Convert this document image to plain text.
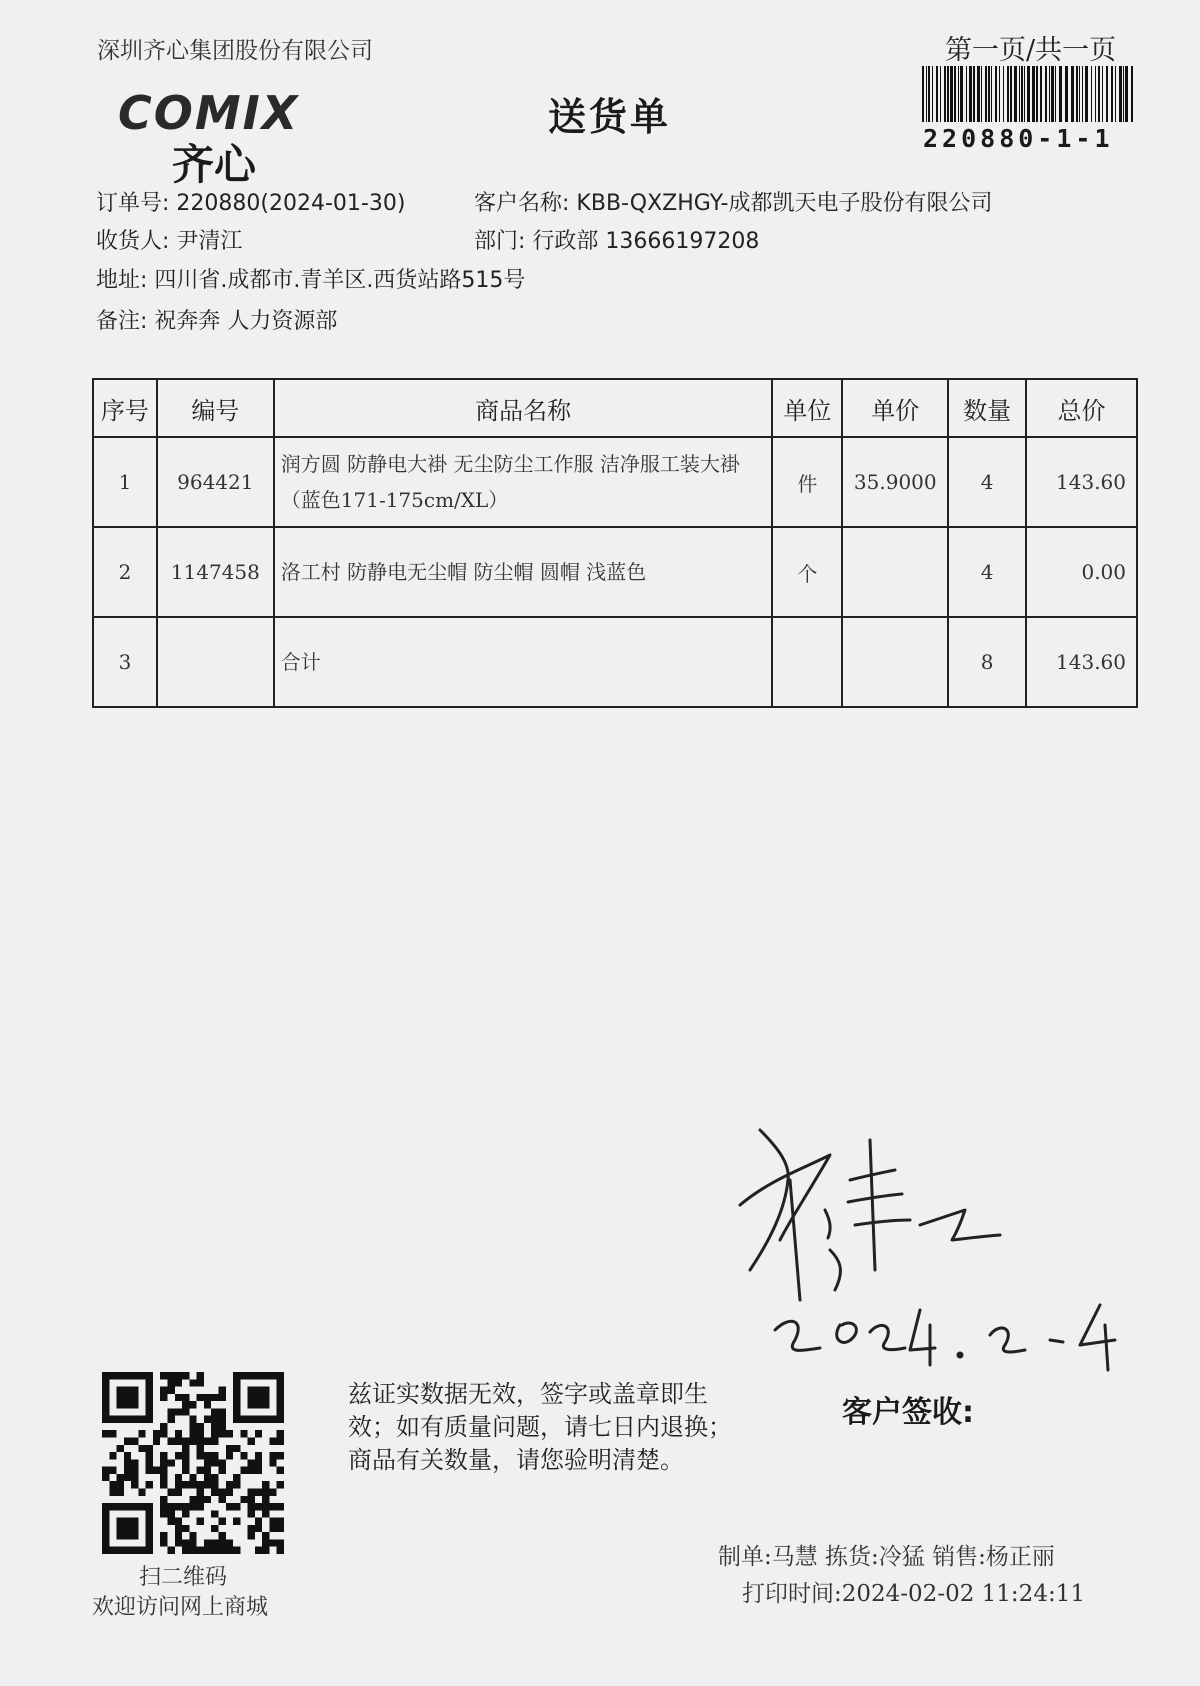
深圳齐心集团股份有限公司	第一页/共一页
220880-1-1
COMIX
齐心
送货单
订单号: 220880(2024-01-30)	客户名称: KBB-QXZHGY-成都凯天电子股份有限公司
收货人: 尹清江	部门: 行政部 13666197208
地址: 四川省.成都市.青羊区.西货站路515号
备注: 祝奔奔 人力资源部
序号	编号	商品名称	单位	单价	数量	总价
1	964421	润方圆 防静电大褂 无尘防尘工作服 洁净服工装大褂（蓝色171-175cm/XL）	件	35.9000	4	143.60
2	1147458	洛工村 防静电无尘帽 防尘帽 圆帽 浅蓝色	个		4	0.00
3		合计			8	143.60
客户签收:
扫二维码
欢迎访问网上商城
兹证实数据无效，签字或盖章即生
效；如有质量问题，请七日内退换；
商品有关数量，请您验明清楚。
制单:马慧 拣货:冷猛 销售:杨正丽
打印时间:2024-02-02 11:24:11
